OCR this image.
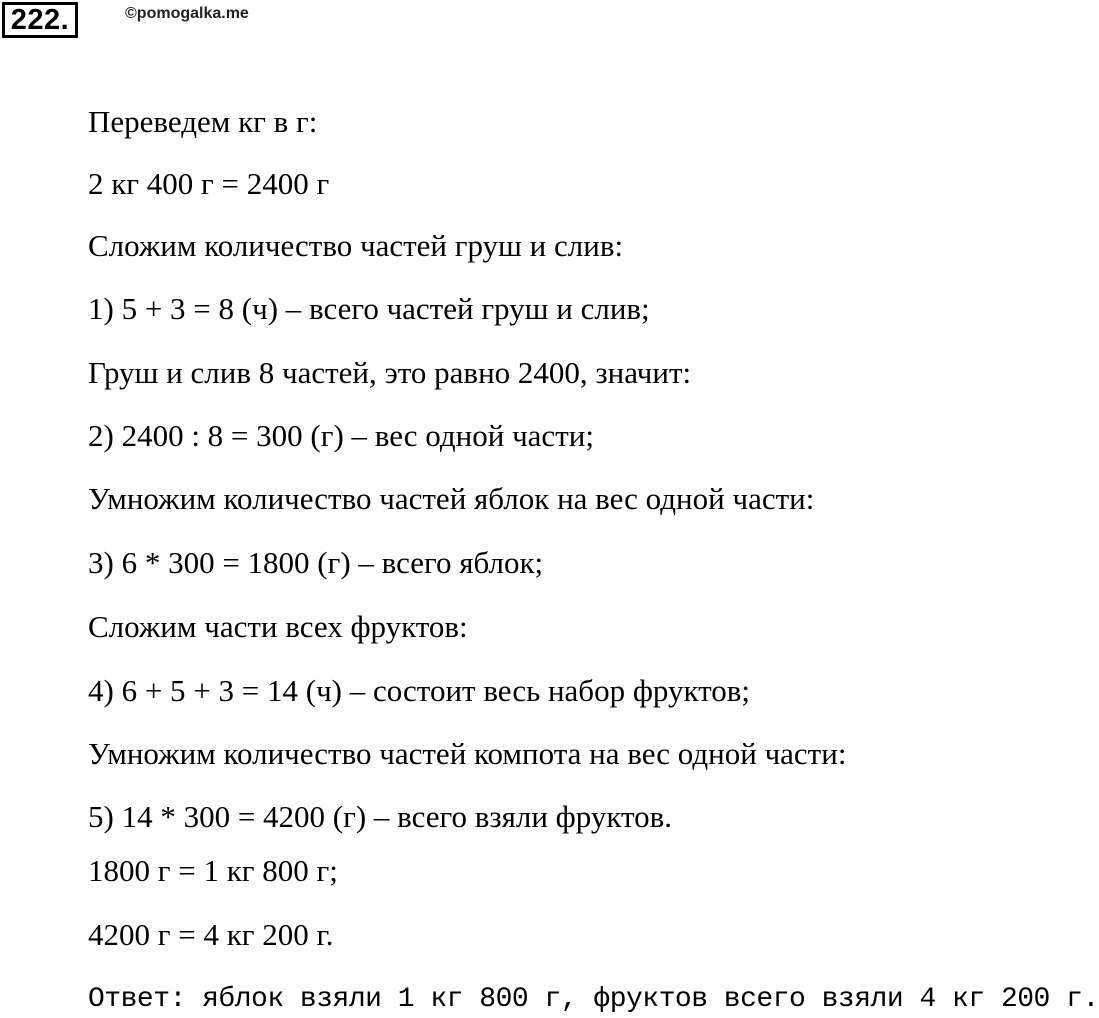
222.	©pomogalka.me
Переведем кг в г:
2 кг 400 г = 2400 г
Сложим количество частей груш и слив:
1) 5 + 3 = 8 (ч) – всего частей груш и слив;
Груш и слив 8 частей, это равно 2400, значит:
2) 2400 : 8 = 300 (г) – вес одной части;
Умножим количество частей яблок на вес одной части:
3) 6 * 300 = 1800 (г) – всего яблок;
Сложим части всех фруктов:
4) 6 + 5 + 3 = 14 (ч) – состоит весь набор фруктов;
Умножим количество частей компота на вес одной части:
5) 14 * 300 = 4200 (г) – всего взяли фруктов.
1800 г = 1 кг 800 г;
4200 г = 4 кг 200 г.
Ответ: яблок взяли 1 кг 800 г, фруктов всего взяли 4 кг 200 г.
